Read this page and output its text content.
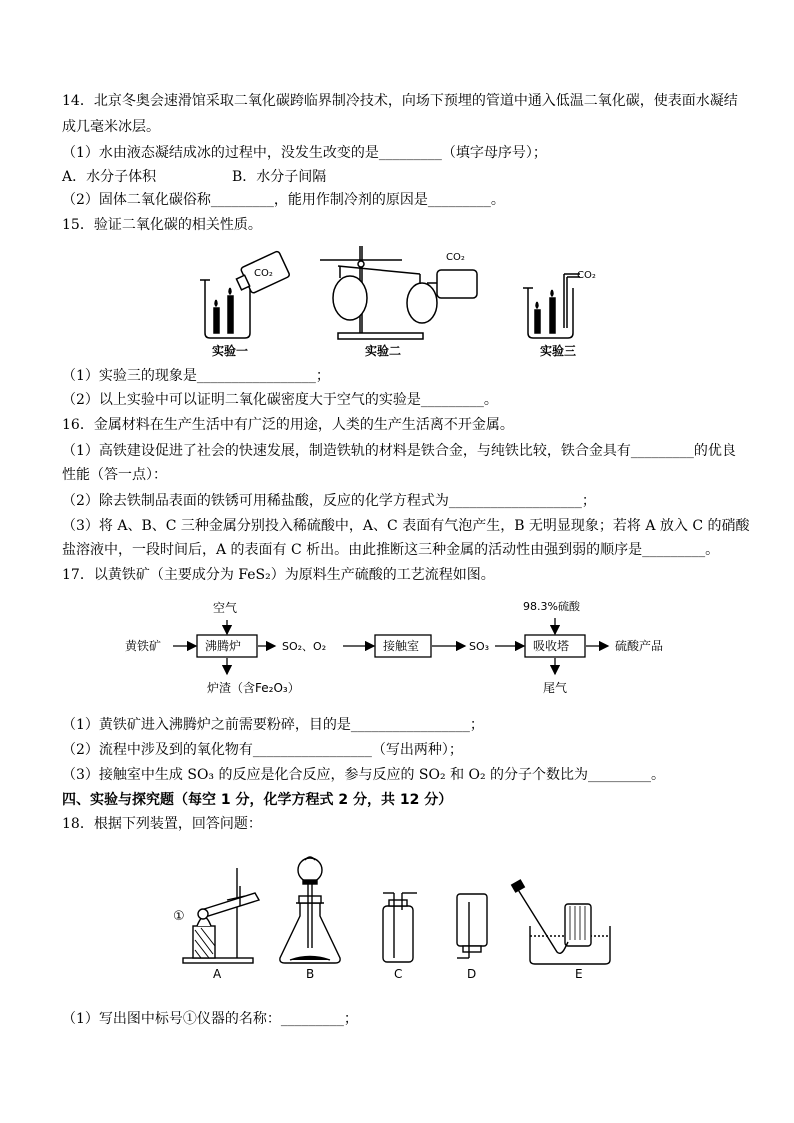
14．北京冬奥会速滑馆采取二氧化碳跨临界制冷技术，向场下预埋的管道中通入低温二氧化碳，使表面水凝结
成几毫米冰层。
（1）水由液态凝结成冰的过程中，没发生改变的是_________（填字母序号）；
A．水分子体积	B．水分子间隔
（2）固体二氧化碳俗称_________，能用作制冷剂的原因是_________。
15．验证二氧化碳的相关性质。
CO₂
实验一
CO₂
实验二
CO₂
实验三
（1）实验三的现象是_________________；
（2）以上实验中可以证明二氧化碳密度大于空气的实验是_________。
16．金属材料在生产生活中有广泛的用途，人类的生产生活离不开金属。
（1）高铁建设促进了社会的快速发展，制造铁轨的材料是铁合金，与纯铁比较，铁合金具有_________的优良
性能（答一点）：
（2）除去铁制品表面的铁锈可用稀盐酸，反应的化学方程式为___________________；
（3）将 A、B、C 三种金属分别投入稀硫酸中，A、C 表面有气泡产生，B 无明显现象；若将 A 放入 C 的硝酸
盐溶液中，一段时间后，A 的表面有 C 析出。由此推断这三种金属的活动性由强到弱的顺序是_________。
17．以黄铁矿（主要成分为 FeS₂）为原料生产硫酸的工艺流程如图。
空气
黄铁矿	沸腾炉	SO₂、O₂	接触室	SO₃
98.3%硫酸
吸收塔	硫酸产品
炉渣（含Fe₂O₃）	尾气
（1）黄铁矿进入沸腾炉之前需要粉碎，目的是_________________；
（2）流程中涉及到的氧化物有_________________（写出两种）；
（3）接触室中生成 SO₃ 的反应是化合反应，参与反应的 SO₂ 和 O₂ 的分子个数比为_________。
四、实验与探究题（每空 1 分，化学方程式 2 分，共 12 分）
18．根据下列装置，回答问题：
①
A	B	C	D	E
（1）写出图中标号①仪器的名称：_________；
